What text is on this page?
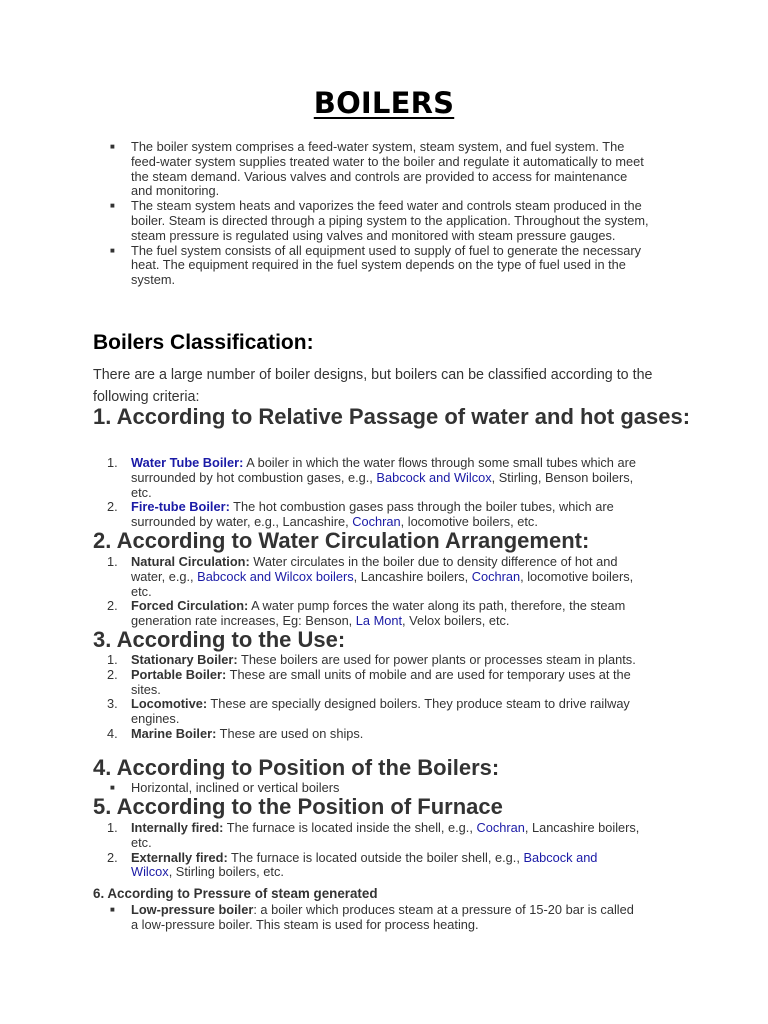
BOILERS
■ The boiler system comprises a feed-water system, steam system, and fuel system. The feed-water system supplies treated water to the boiler and regulate it automatically to meet the steam demand. Various valves and controls are provided to access for maintenance and monitoring.
■ The steam system heats and vaporizes the feed water and controls steam produced in the boiler. Steam is directed through a piping system to the application. Throughout the system, steam pressure is regulated using valves and monitored with steam pressure gauges.
■ The fuel system consists of all equipment used to supply of fuel to generate the necessary heat. The equipment required in the fuel system depends on the type of fuel used in the system.
Boilers Classification:
There are a large number of boiler designs, but boilers can be classified according to the following criteria:
1. According to Relative Passage of water and hot gases:
1. Water Tube Boiler: A boiler in which the water flows through some small tubes which are surrounded by hot combustion gases, e.g., Babcock and Wilcox, Stirling, Benson boilers, etc.
2. Fire-tube Boiler: The hot combustion gases pass through the boiler tubes, which are surrounded by water, e.g., Lancashire, Cochran, locomotive boilers, etc.
2. According to Water Circulation Arrangement:
1. Natural Circulation: Water circulates in the boiler due to density difference of hot and water, e.g., Babcock and Wilcox boilers, Lancashire boilers, Cochran, locomotive boilers, etc.
2. Forced Circulation: A water pump forces the water along its path, therefore, the steam generation rate increases, Eg: Benson, La Mont, Velox boilers, etc.
3. According to the Use:
1. Stationary Boiler: These boilers are used for power plants or processes steam in plants.
2. Portable Boiler: These are small units of mobile and are used for temporary uses at the sites.
3. Locomotive: These are specially designed boilers. They produce steam to drive railway engines.
4. Marine Boiler: These are used on ships.
4. According to Position of the Boilers:
■ Horizontal, inclined or vertical boilers
5. According to the Position of Furnace
1. Internally fired: The furnace is located inside the shell, e.g., Cochran, Lancashire boilers, etc.
2. Externally fired: The furnace is located outside the boiler shell, e.g., Babcock and Wilcox, Stirling boilers, etc.
6. According to Pressure of steam generated
■ Low-pressure boiler: a boiler which produces steam at a pressure of 15-20 bar is called a low-pressure boiler. This steam is used for process heating.
